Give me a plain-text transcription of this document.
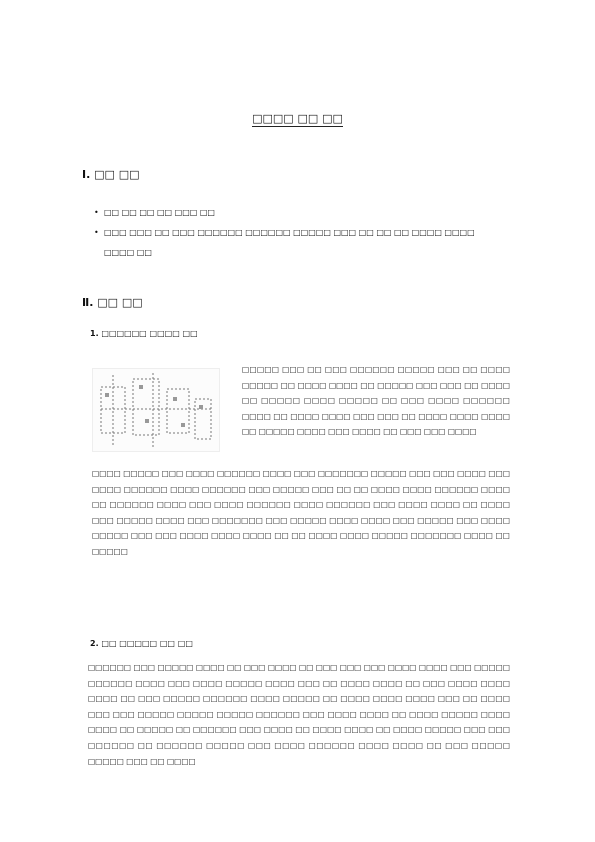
□□□□ □□ □□
Ⅰ. □□ □□
• □□ □□ □□ □□ □□□ □□
• □□□ □□□ □□ □□□ □□□□□□ □□□□□□ □□□□□ □□□ □□ □□ □□ □□□□ □□□□
□□□□ □□
Ⅱ. □□ □□
1. □□□□□□ □□□□ □□

□□□□□ □□□ □□ □□□ □□□□□□ □□□□□ □□□ □□ □□□□ □□□□□ □□ □□□□ □□□□ □□ □□□□□ □□□ □□□ □□ □□□□ □□ □□□□□ □□□□ □□□□□ □□ □□□ □□□□ □□□□□□ □□□□ □□ □□□□ □□□□ □□□ □□□ □□ □□□□ □□□□ □□□□ □□ □□□□□ □□□□ □□□ □□□□ □□ □□□ □□□ □□□□

□□□□ □□□□□ □□□ □□□□ □□□□□□ □□□□ □□□ □□□□□□□ □□□□□ □□□ □□□ □□□□ □□□ □□□□ □□□□□□ □□□□ □□□□□□ □□□ □□□□□ □□□ □□ □□ □□□□ □□□□ □□□□□□ □□□□ □□ □□□□□□ □□□□ □□□ □□□□ □□□□□□ □□□□ □□□□□□ □□□ □□□□ □□□□ □□ □□□□ □□□ □□□□□ □□□□ □□□ □□□□□□□ □□□ □□□□□ □□□□ □□□□ □□□ □□□□□ □□□ □□□□ □□□□□ □□□ □□□ □□□□ □□□□ □□□□ □□ □□ □□□□ □□□□ □□□□□ □□□□□□□ □□□□ □□ □□□□□

2. □□ □□□□□ □□ □□

□□□□□□ □□□ □□□□□ □□□□ □□ □□□ □□□□ □□ □□□ □□□ □□□ □□□□ □□□□ □□□ □□□□□ □□□□□□ □□□□ □□□ □□□□ □□□□□ □□□□ □□□ □□ □□□□ □□□□ □□ □□□ □□□□ □□□□ □□□□ □□ □□□ □□□□□ □□□□□□ □□□□ □□□□□ □□ □□□□ □□□□ □□□□ □□□ □□ □□□□ □□□ □□□ □□□□□ □□□□□ □□□□□ □□□□□□ □□□ □□□□ □□□□ □□ □□□□ □□□□□ □□□□ □□□□ □□ □□□□□ □□ □□□□□□ □□□ □□□□ □□ □□□□ □□□□ □□ □□□□ □□□□□ □□□ □□□ □□□□□□ □□ □□□□□□ □□□□□ □□□ □□□□ □□□□□□ □□□□ □□□□ □□ □□□ □□□□□ □□□□□ □□□ □□ □□□□
